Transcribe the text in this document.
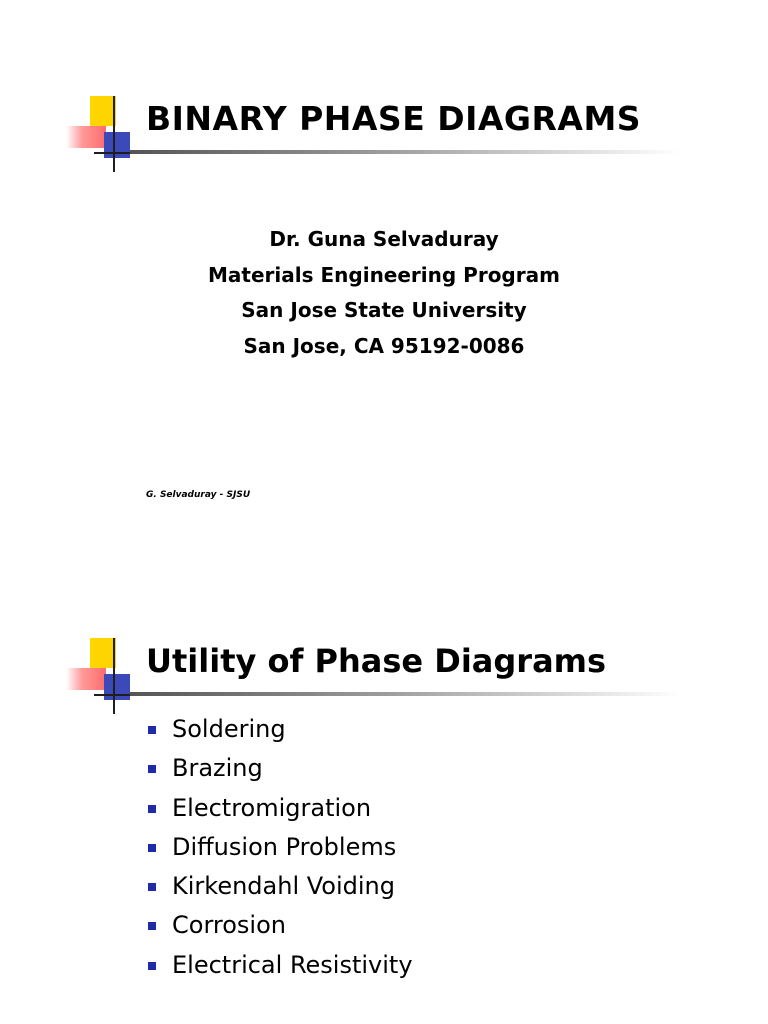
BINARY PHASE DIAGRAMS
Dr. Guna Selvaduray
Materials Engineering Program
San Jose State University
San Jose, CA 95192-0086
G. Selvaduray - SJSU
Utility of Phase Diagrams
Soldering
Brazing
Electromigration
Diffusion Problems
Kirkendahl Voiding
Corrosion
Electrical Resistivity
